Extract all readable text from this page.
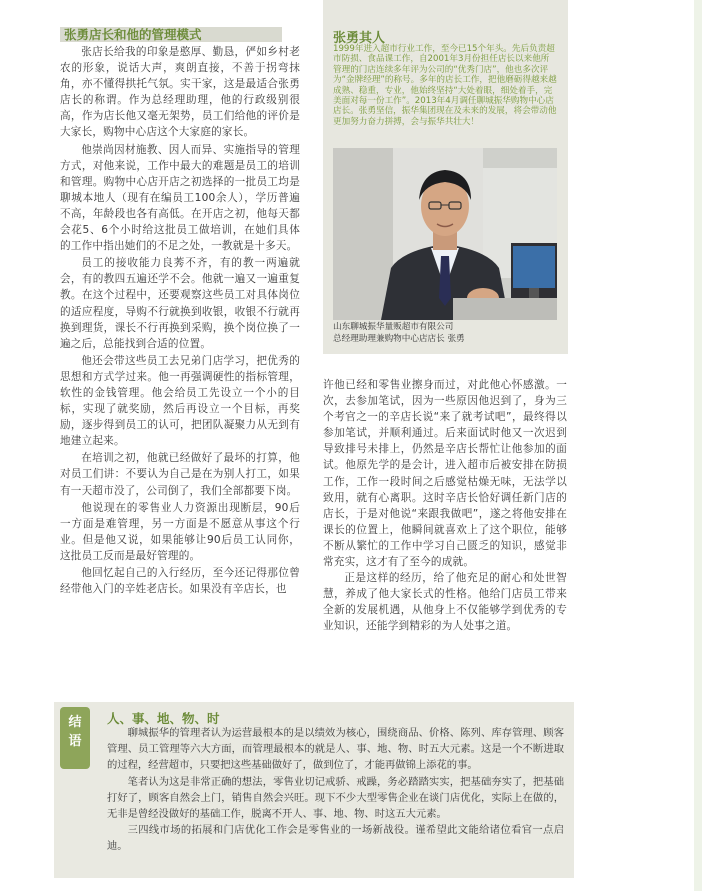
张勇店长和他的管理模式

张店长给我的印象是憨厚、勤恳，俨如乡村老农的形象，说话大声，爽朗直接，不善于拐弯抹角，亦不懂得拱托气氛。实干家，这是最适合张勇店长的称谓。作为总经理助理，他的行政级别很高，作为店长他又毫无架势，员工们给他的评价是大家长，购物中心店这个大家庭的家长。

他崇尚因材施教、因人而异、实施指导的管理方式，对他来说，工作中最大的难题是员工的培训和管理。购物中心店开店之初选择的一批员工均是聊城本地人（现有在编员工100余人），学历普遍不高，年龄段也各有高低。在开店之初，他每天都会花5、6个小时给这批员工做培训，在她们具体的工作中指出她们的不足之处，一教就是十多天。

员工的接收能力良莠不齐，有的教一两遍就会，有的教四五遍还学不会。他就一遍又一遍重复教。在这个过程中，还要观察这些员工对具体岗位的适应程度，导购不行就换到收银，收银不行就再换到理货，课长不行再换到采购，换个岗位换了一遍之后，总能找到合适的位置。

他还会带这些员工去兄弟门店学习，把优秀的思想和方式学过来。他一再强调硬性的指标管理，软性的金钱管理。他会给员工先设立一个小的目标，实现了就奖励，然后再设立一个目标，再奖励，逐步得到员工的认可，把团队凝聚力从无到有地建立起来。

在培训之初，他就已经做好了最坏的打算，他对员工们讲：不要认为自己是在为别人打工，如果有一天超市没了，公司倒了，我们全部都要下岗。

他说现在的零售业人力资源出现断层，90后一方面是难管理，另一方面是不愿意从事这个行业。但是他又说，如果能够让90后员工认同你，这批员工反而是最好管理的。

他回忆起自己的入行经历，至今还记得那位曾经带他入门的辛姓老店长。如果没有辛店长，也

张勇其人

1999年进入超市行业工作，至今已15个年头。先后负责超市防损、食品课工作，自2001年3月份担任店长以来他所管理的门店连续多年评为公司的“优秀门店”，他也多次评为“金牌经理”的称号。多年的店长工作，把他磨砺得越来越成熟、稳重，专业，他始终坚持“大处着眼，细处着手，完美面对每一份工作”。2013年4月调任聊城振华购物中心店店长。张勇坚信，振华集团现在及未来的发展，将会带动他更加努力奋力拼搏，会与振华共壮大！

山东聊城振华量贩超市有限公司
总经理助理兼购物中心店店长 张勇

许他已经和零售业擦身而过，对此他心怀感激。一次，去参加笔试，因为一些原因他迟到了，身为三个考官之一的辛店长说“来了就考试吧”，最终得以参加笔试，并顺利通过。后来面试时他又一次迟到导致排号未排上，仍然是辛店长帮忙让他参加的面试。他原先学的是会计，进入超市后被安排在防损工作，工作一段时间之后感觉枯燥无味，无法学以致用，就有心离职。这时辛店长恰好调任新门店的店长，于是对他说“来跟我做吧”，遂之将他安排在课长的位置上，他瞬间就喜欢上了这个职位，能够不断从繁忙的工作中学习自己匮乏的知识，感觉非常充实，这才有了至今的成就。

正是这样的经历，给了他充足的耐心和处世智慧，养成了他大家长式的性格。他给门店员工带来全新的发展机遇，从他身上不仅能够学到优秀的专业知识，还能学到精彩的为人处事之道。

结
语
人、事、地、物、时

聊城振华的管理者认为运营最根本的是以绩效为核心，围绕商品、价格、陈列、库存管理、顾客管理、员工管理等六大方面，而管理最根本的就是人、事、地、物、时五大元素。这是一个不断进取的过程，经营超市，只要把这些基础做好了，做到位了，才能再做锦上添花的事。

笔者认为这是非常正确的想法，零售业切记戒骄、戒躁，务必踏踏实实，把基础夯实了，把基础打好了，顾客自然会上门，销售自然会兴旺。现下不少大型零售企业在谈门店优化，实际上在做的，无非是曾经没做好的基础工作，脱离不开人、事、地、物、时这五大元素。

三四线市场的拓展和门店优化工作会是零售业的一场新战役。谨希望此文能给诸位看官一点启迪。
